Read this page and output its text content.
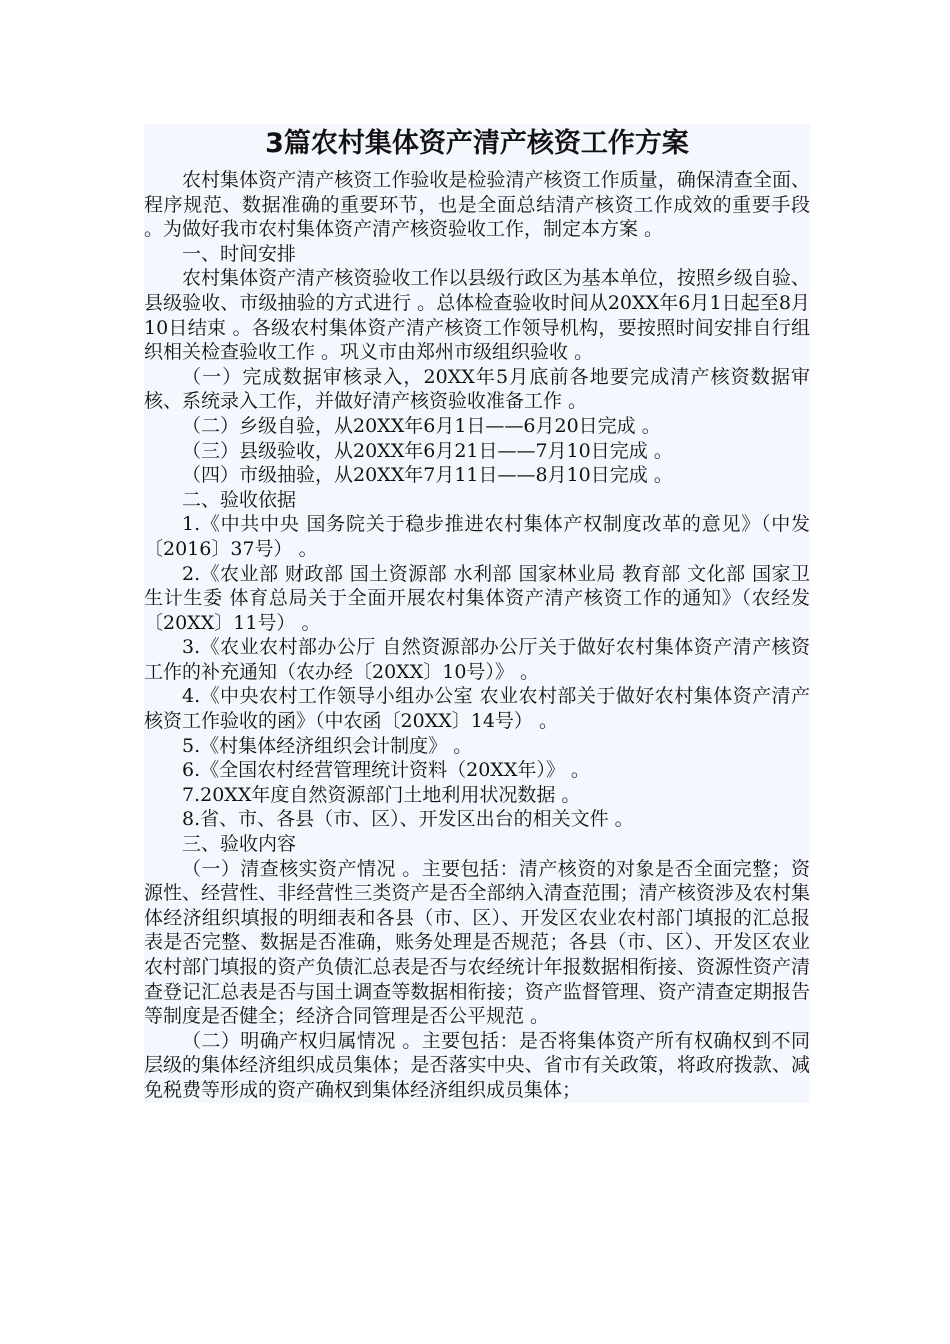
3篇农村集体资产清产核资工作方案

农村集体资产清产核资工作验收是检验清产核资工作质量，确保清查全面、程序规范、数据准确的重要环节，也是全面总结清产核资工作成效的重要手段 。为做好我市农村集体资产清产核资验收工作，制定本方案 。

一、时间安排

农村集体资产清产核资验收工作以县级行政区为基本单位，按照乡级自验、县级验收、市级抽验的方式进行 。总体检查验收时间从20XX年6月1日起至8月10日结束 。各级农村集体资产清产核资工作领导机构，要按照时间安排自行组织相关检查验收工作 。巩义市由郑州市级组织验收 。

（一）完成数据审核录入，20XX年5月底前各地要完成清产核资数据审核、系统录入工作，并做好清产核资验收准备工作 。

（二）乡级自验，从20XX年6月1日——6月20日完成 。

（三）县级验收，从20XX年6月21日——7月10日完成 。

（四）市级抽验，从20XX年7月11日——8月10日完成 。

二、验收依据

1.《中共中央 国务院关于稳步推进农村集体产权制度改革的意见》（中发〔2016〕37号） 。

2.《农业部 财政部 国土资源部 水利部 国家林业局 教育部 文化部 国家卫生计生委 体育总局关于全面开展农村集体资产清产核资工作的通知》（农经发〔20XX〕11号） 。

3.《农业农村部办公厅 自然资源部办公厅关于做好农村集体资产清产核资工作的补充通知（农办经〔20XX〕10号）》 。

4.《中央农村工作领导小组办公室 农业农村部关于做好农村集体资产清产核资工作验收的函》（中农函〔20XX〕14号） 。

5.《村集体经济组织会计制度》 。

6.《全国农村经营管理统计资料（20XX年）》 。

7.20XX年度自然资源部门土地利用状况数据 。

8.省、市、各县（市、区）、开发区出台的相关文件 。

三、验收内容

（一）清查核实资产情况 。主要包括：清产核资的对象是否全面完整；资源性、经营性、非经营性三类资产是否全部纳入清查范围；清产核资涉及农村集体经济组织填报的明细表和各县（市、区）、开发区农业农村部门填报的汇总报表是否完整、数据是否准确，账务处理是否规范；各县（市、区）、开发区农业农村部门填报的资产负债汇总表是否与农经统计年报数据相衔接、资源性资产清查登记汇总表是否与国土调查等数据相衔接；资产监督管理、资产清查定期报告等制度是否健全；经济合同管理是否公平规范 。

（二）明确产权归属情况 。主要包括：是否将集体资产所有权确权到不同层级的集体经济组织成员集体；是否落实中央、省市有关政策，将政府拨款、减免税费等形成的资产确权到集体经济组织成员集体；
